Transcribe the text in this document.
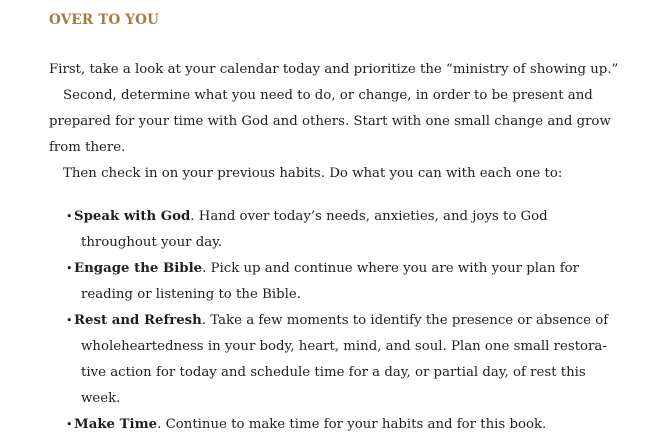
OVER TO YOU

First, take a look at your calendar today and prioritize the “ministry of showing up.”

Second, determine what you need to do, or change, in order to be present and prepared for your time with God and others. Start with one small change and grow from there.

Then check in on your previous habits. Do what you can with each one to:

• Speak with God. Hand over today’s needs, anxieties, and joys to God throughout your day.
• Engage the Bible. Pick up and continue where you are with your plan for reading or listening to the Bible.
• Rest and Refresh. Take a few moments to identify the presence or absence of wholeheartedness in your body, heart, mind, and soul. Plan one small restora-tive action for today and schedule time for a day, or partial day, of rest this week.
• Make Time. Continue to make time for your habits and for this book.
